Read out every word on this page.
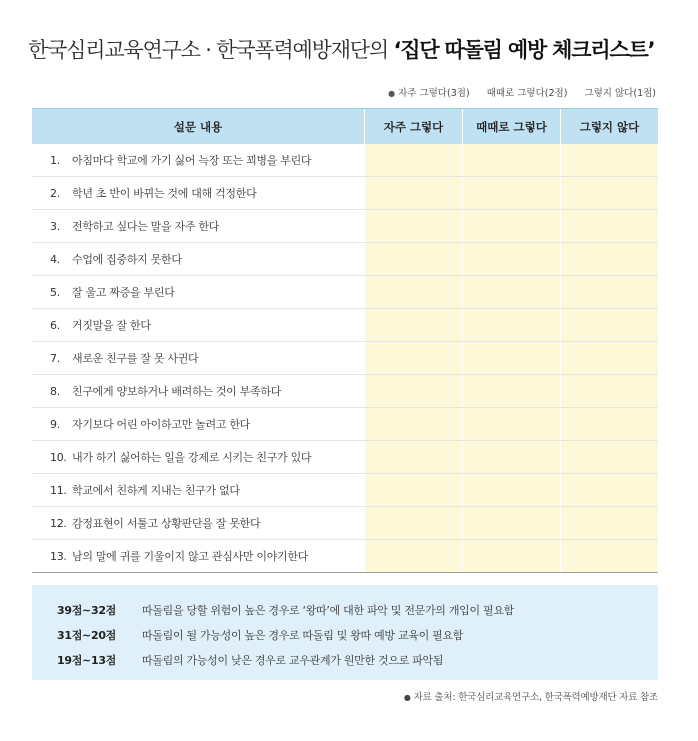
한국심리교육연구소 · 한국폭력예방재단의 ‘집단 따돌림 예방 체크리스트’
● 자주 그렇다(3점) 때때로 그렇다(2점) 그렇지 않다(1점)
설문 내용	자주 그렇다	때때로 그렇다	그렇지 않다
1.	아침마다 학교에 가기 싫어 늑장 또는 꾀병을 부린다
2.	학년 초 반이 바뀌는 것에 대해 걱정한다
3.	전학하고 싶다는 말을 자주 한다
4.	수업에 집중하지 못한다
5.	잘 울고 짜증을 부린다
6.	거짓말을 잘 한다
7.	새로운 친구를 잘 못 사귄다
8.	친구에게 양보하거나 배려하는 것이 부족하다
9.	자기보다 어린 아이하고만 놀려고 한다
10. 내가 하기 싫어하는 일을 강제로 시키는 친구가 있다
11. 학교에서 친하게 지내는 친구가 없다
12. 감정표현이 서툴고 상황판단을 잘 못한다
13. 남의 말에 귀를 기울이지 않고 관심사만 이야기한다
39점~32점	따돌림을 당할 위험이 높은 경우로 ‘왕따’에 대한 파악 및 전문가의 개입이 필요함
31점~20점	따돌림이 될 가능성이 높은 경우로 따돌림 및 왕따 예방 교육이 필요함
19점~13점	따돌림의 가능성이 낮은 경우로 교우관계가 원만한 것으로 파악됨
● 자료 출처: 한국심리교육연구소, 한국폭력예방재단 자료 참조
